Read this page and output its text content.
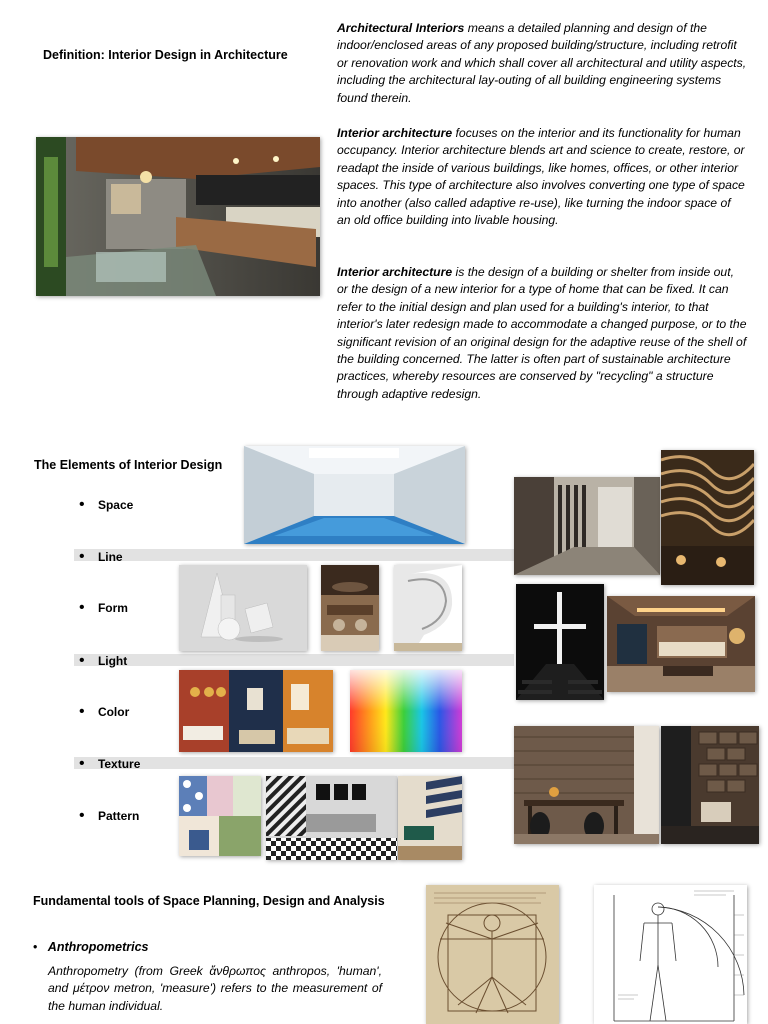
Definition: Interior Design in Architecture
Architectural Interiors means a detailed planning and design of the indoor/enclosed areas of any proposed building/structure, including retrofit or renovation work and which shall cover all architectural and utility aspects, including the architectural lay-outing of all building engineering systems found therein.
Interior architecture focuses on the interior and its functionality for human occupancy. Interior architecture blends art and science to create, restore, or readapt the inside of various buildings, like homes, offices, or other interior spaces. This type of architecture also involves converting one type of space into another (also called adaptive re-use), like turning the indoor space of an old office building into livable housing.
Interior architecture is the design of a building or shelter from inside out, or the design of a new interior for a type of home that can be fixed. It can refer to the initial design and plan used for a building's interior, to that interior's later redesign made to accommodate a changed purpose, or to the significant revision of an original design for the adaptive reuse of the shell of the building concerned. The latter is often part of sustainable architecture practices, whereby resources are conserved by "recycling" a structure through adaptive redesign.
The Elements of Interior Design
•   Space
•   Line
•   Form
•   Light
•   Color
•   Texture
•   Pattern
Fundamental tools of Space Planning, Design and Analysis
•   Anthropometrics
Anthropometry (from Greek ἄνθρωπος anthropos, 'human', and μέτρον metron, 'measure') refers to the measurement of the human individual.
